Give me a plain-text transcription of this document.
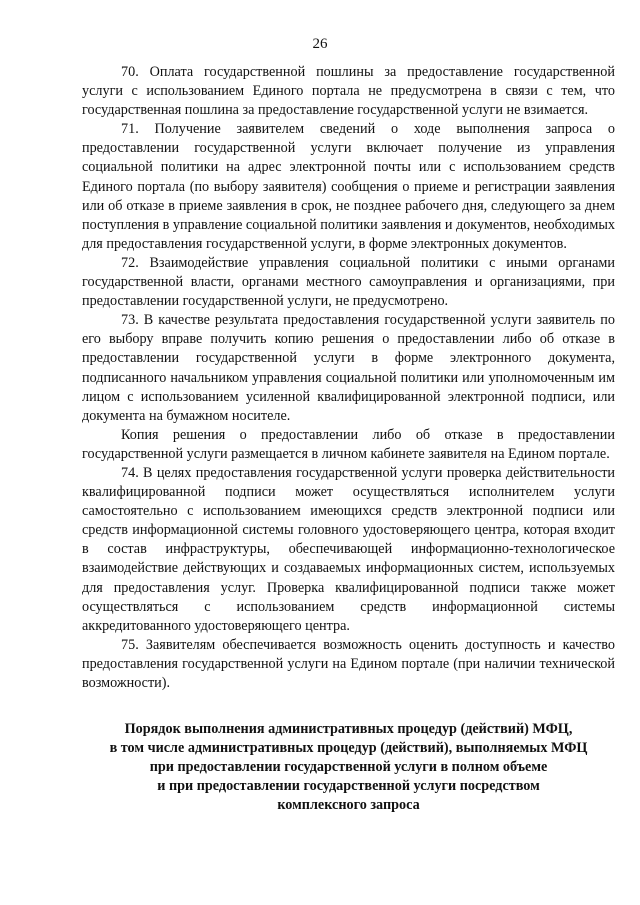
26

70. Оплата государственной пошлины за предоставление государственной услуги с использованием Единого портала не предусмотрена в связи с тем, что государственная пошлина за предоставление государственной услуги не взимается.

71. Получение заявителем сведений о ходе выполнения запроса о предоставлении государственной услуги включает получение из управления социальной политики на адрес электронной почты или с использованием средств Единого портала (по выбору заявителя) сообщения о приеме и регистрации заявления или об отказе в приеме заявления в срок, не позднее рабочего дня, следующего за днем поступления в управление социальной политики заявления и документов, необходимых для предоставления государственной услуги, в форме электронных документов.

72. Взаимодействие управления социальной политики с иными органами государственной власти, органами местного самоуправления и организациями, при предоставлении государственной услуги, не предусмотрено.

73. В качестве результата предоставления государственной услуги заявитель по его выбору вправе получить копию решения о предоставлении либо об отказе в предоставлении государственной услуги в форме электронного документа, подписанного начальником управления социальной политики или уполномоченным им лицом с использованием усиленной квалифицированной электронной подписи, или документа на бумажном носителе.

Копия решения о предоставлении либо об отказе в предоставлении государственной услуги размещается в личном кабинете заявителя на Едином портале.

74. В целях предоставления государственной услуги проверка действительности квалифицированной подписи может осуществляться исполнителем услуги самостоятельно с использованием имеющихся средств электронной подписи или средств информационной системы головного удостоверяющего центра, которая входит в состав инфраструктуры, обеспечивающей информационно-технологическое взаимодействие действующих и создаваемых информационных систем, используемых для предоставления услуг. Проверка квалифицированной подписи также может осуществляться с использованием средств информационной системы аккредитованного удостоверяющего центра.

75. Заявителям обеспечивается возможность оценить доступность и качество предоставления государственной услуги на Едином портале (при наличии технической возможности).

Порядок выполнения административных процедур (действий) МФЦ,
в том числе административных процедур (действий), выполняемых МФЦ
при предоставлении государственной услуги в полном объеме
и при предоставлении государственной услуги посредством
комплексного запроса
